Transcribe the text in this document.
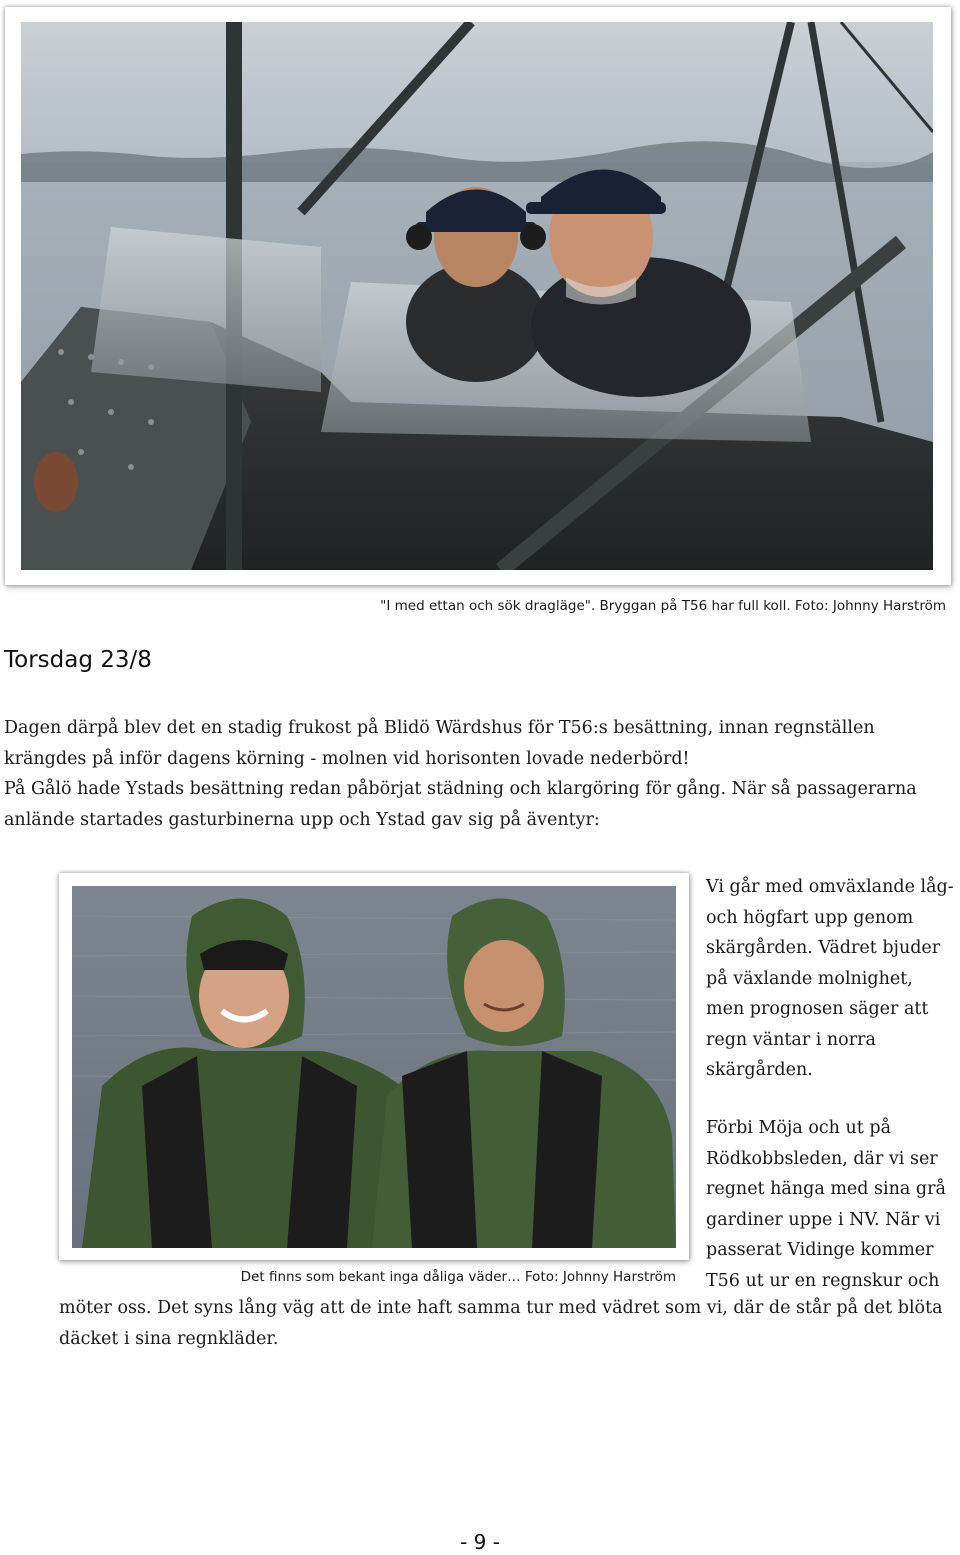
"I med ettan och sök dragläge". Bryggan på T56 har full koll. Foto: Johnny Harström
Torsdag 23/8

Dagen därpå blev det en stadig frukost på Blidö Wärdshus för T56:s besättning, innan regnställen krängdes på inför dagens körning - molnen vid horisonten lovade nederbörd!
På Gålö hade Ystads besättning redan påbörjat städning och klargöring för gång. När så passagerarna anlände startades gasturbinerna upp och Ystad gav sig på äventyr:

Det finns som bekant inga dåliga väder… Foto: Johnny Harström

Vi går med omväxlande låg- och högfart upp genom skärgården. Vädret bjuder på växlande molnighet, men prognosen säger att regn väntar i norra skärgården.

Förbi Möja och ut på Rödkobbsleden, där vi ser regnet hänga med sina grå gardiner uppe i NV. När vi passerat Vidinge kommer T56 ut ur en regnskur och

möter oss. Det syns lång väg att de inte haft samma tur med vädret som vi, där de står på det blöta däcket i sina regnkläder.

- 9 -
